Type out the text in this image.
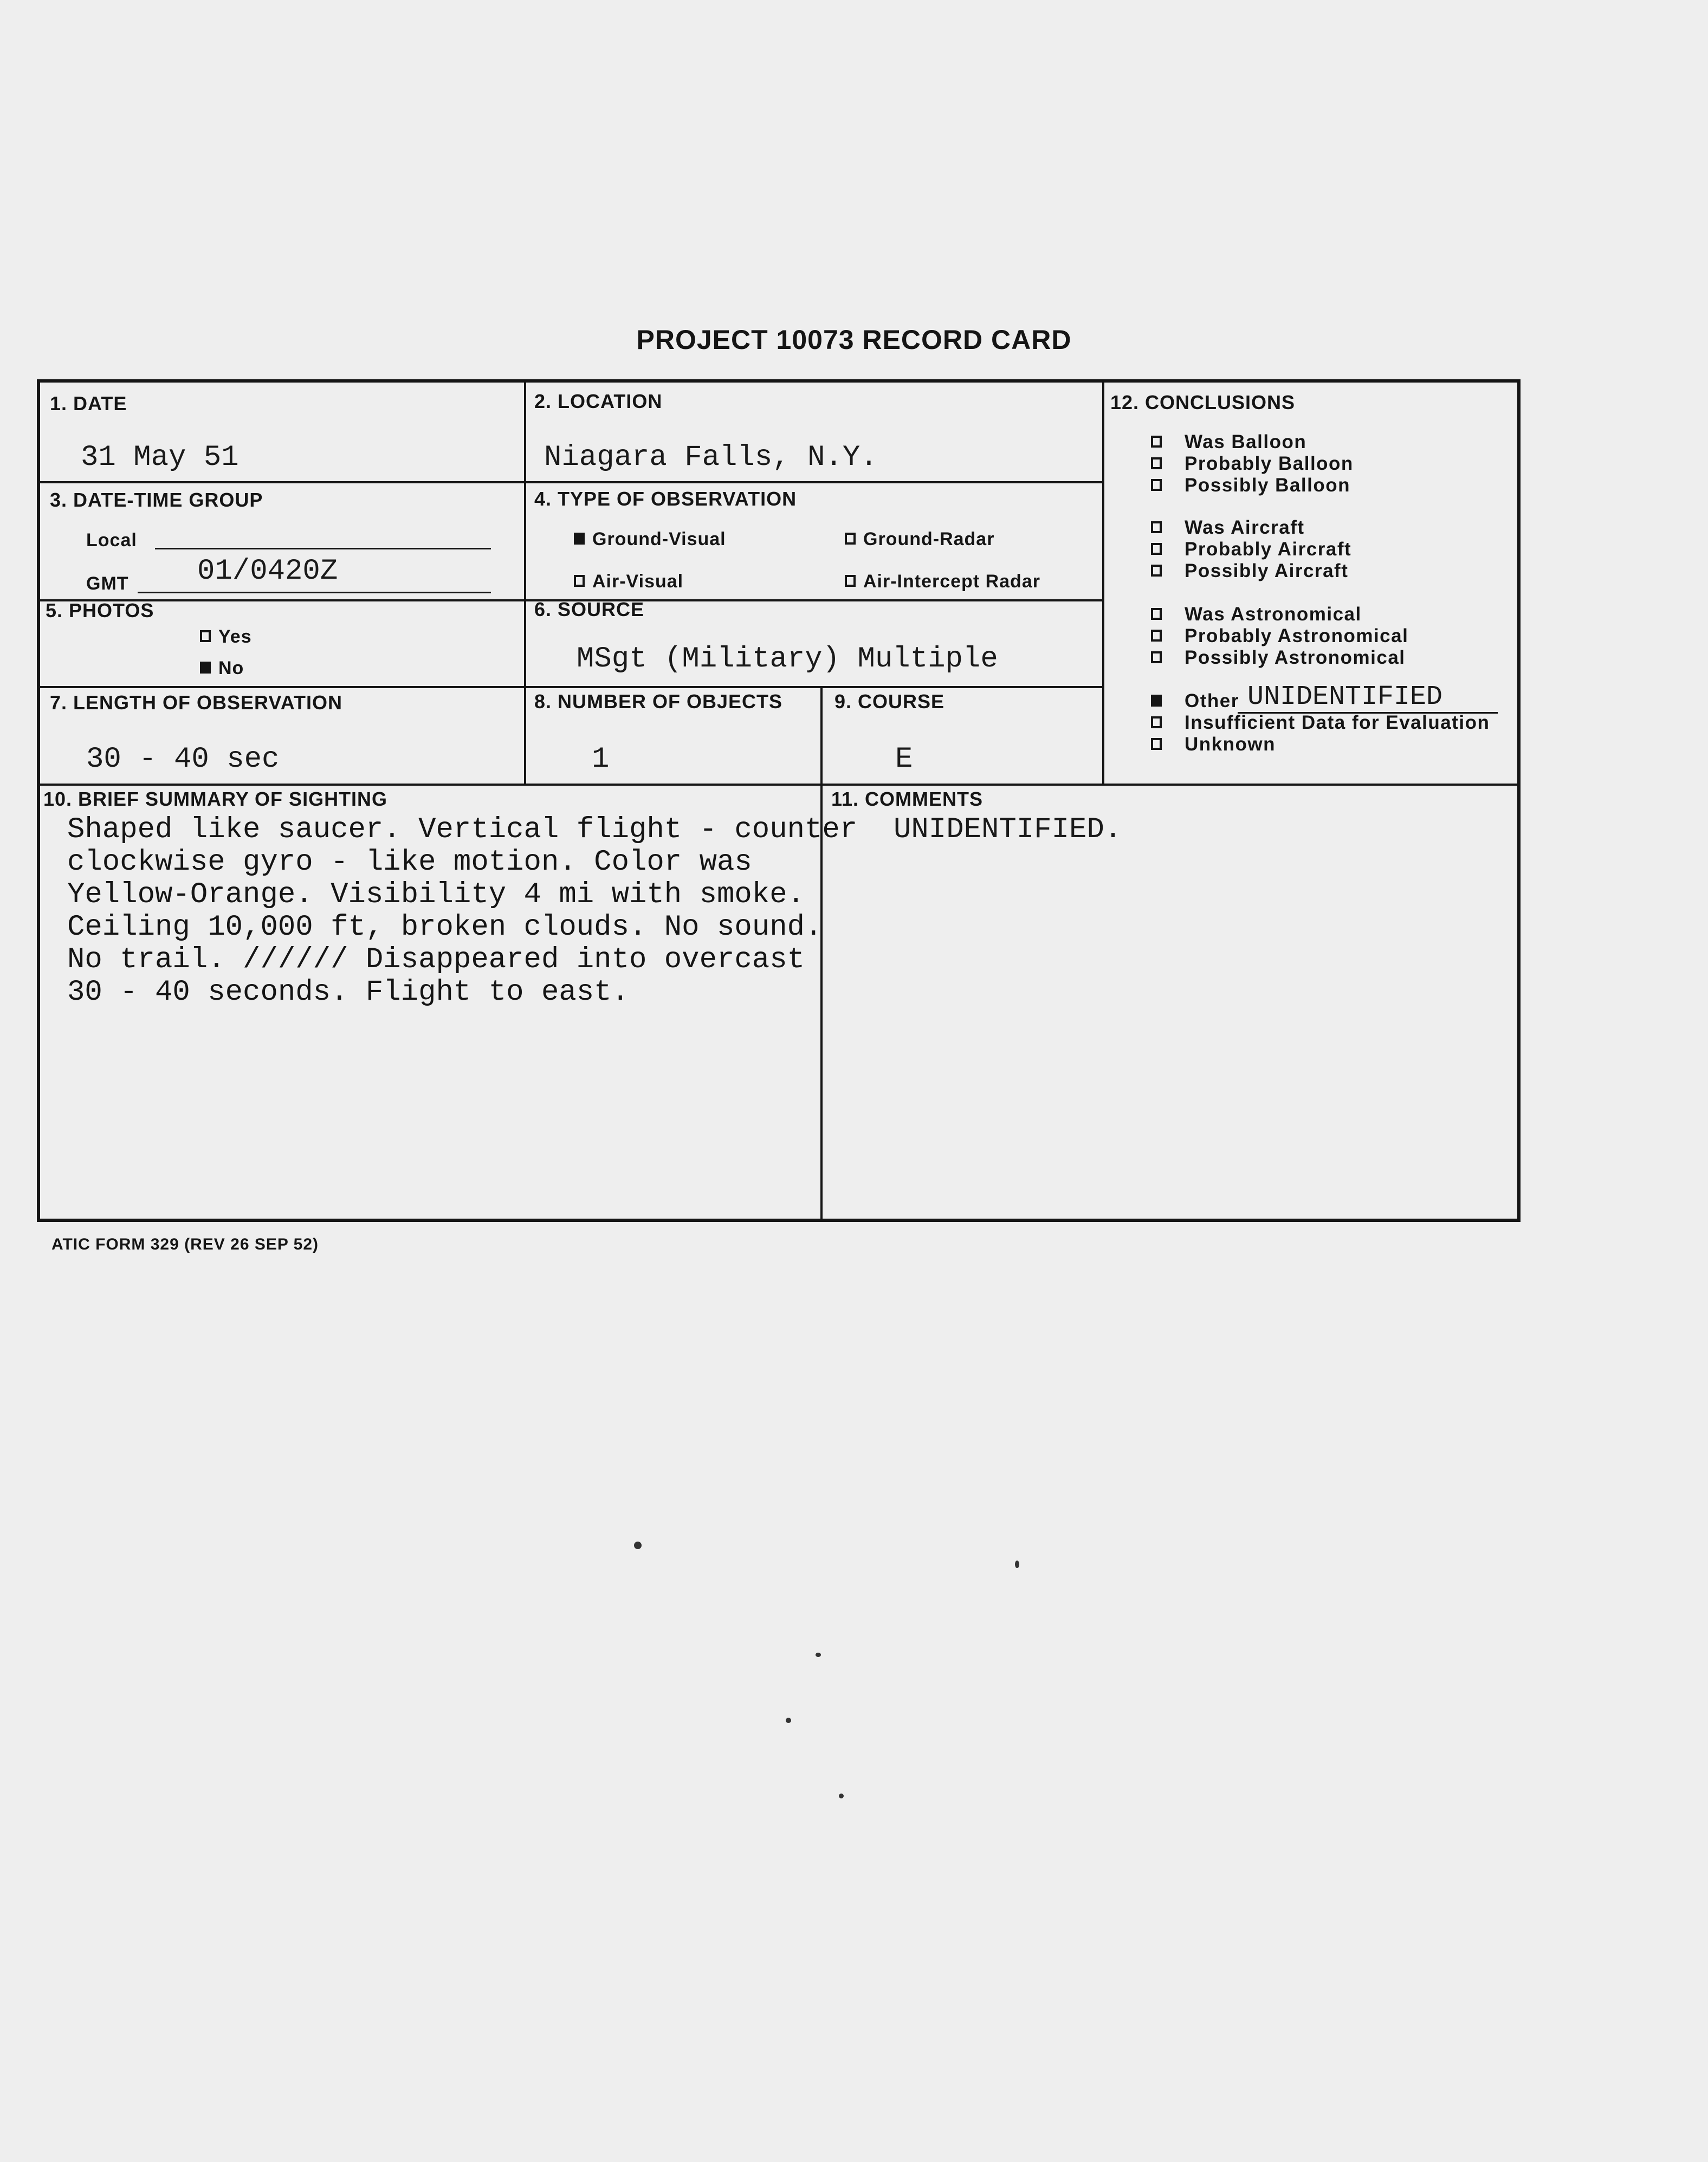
PROJECT 10073 RECORD CARD
1. DATE
31 May 51
2. LOCATION
Niagara Falls, N.Y.
3. DATE-TIME GROUP
Local
GMT 01/0420Z
4. TYPE OF OBSERVATION
Ground-Visual	Ground-Radar
Air-Visual	Air-Intercept Radar
5. PHOTOS
Yes
No
6. SOURCE
MSgt (Military) Multiple
7. LENGTH OF OBSERVATION
30 - 40 sec
8. NUMBER OF OBJECTS
1
9. COURSE
E
10. BRIEF SUMMARY OF SIGHTING
Shaped like saucer. Vertical flight - counter
clockwise gyro - like motion. Color was
Yellow-Orange. Visibility 4 mi with smoke.
Ceiling 10,000 ft, broken clouds. No sound.
No trail. ////// Disappeared into overcast
30 - 40 seconds. Flight to east.
11. COMMENTS
UNIDENTIFIED.
12. CONCLUSIONS
Was Balloon
Probably Balloon
Possibly Balloon
Was Aircraft
Probably Aircraft
Possibly Aircraft
Was Astronomical
Probably Astronomical
Possibly Astronomical
Other UNIDENTIFIED
Insufficient Data for Evaluation
Unknown
ATIC FORM 329 (REV 26 SEP 52)
